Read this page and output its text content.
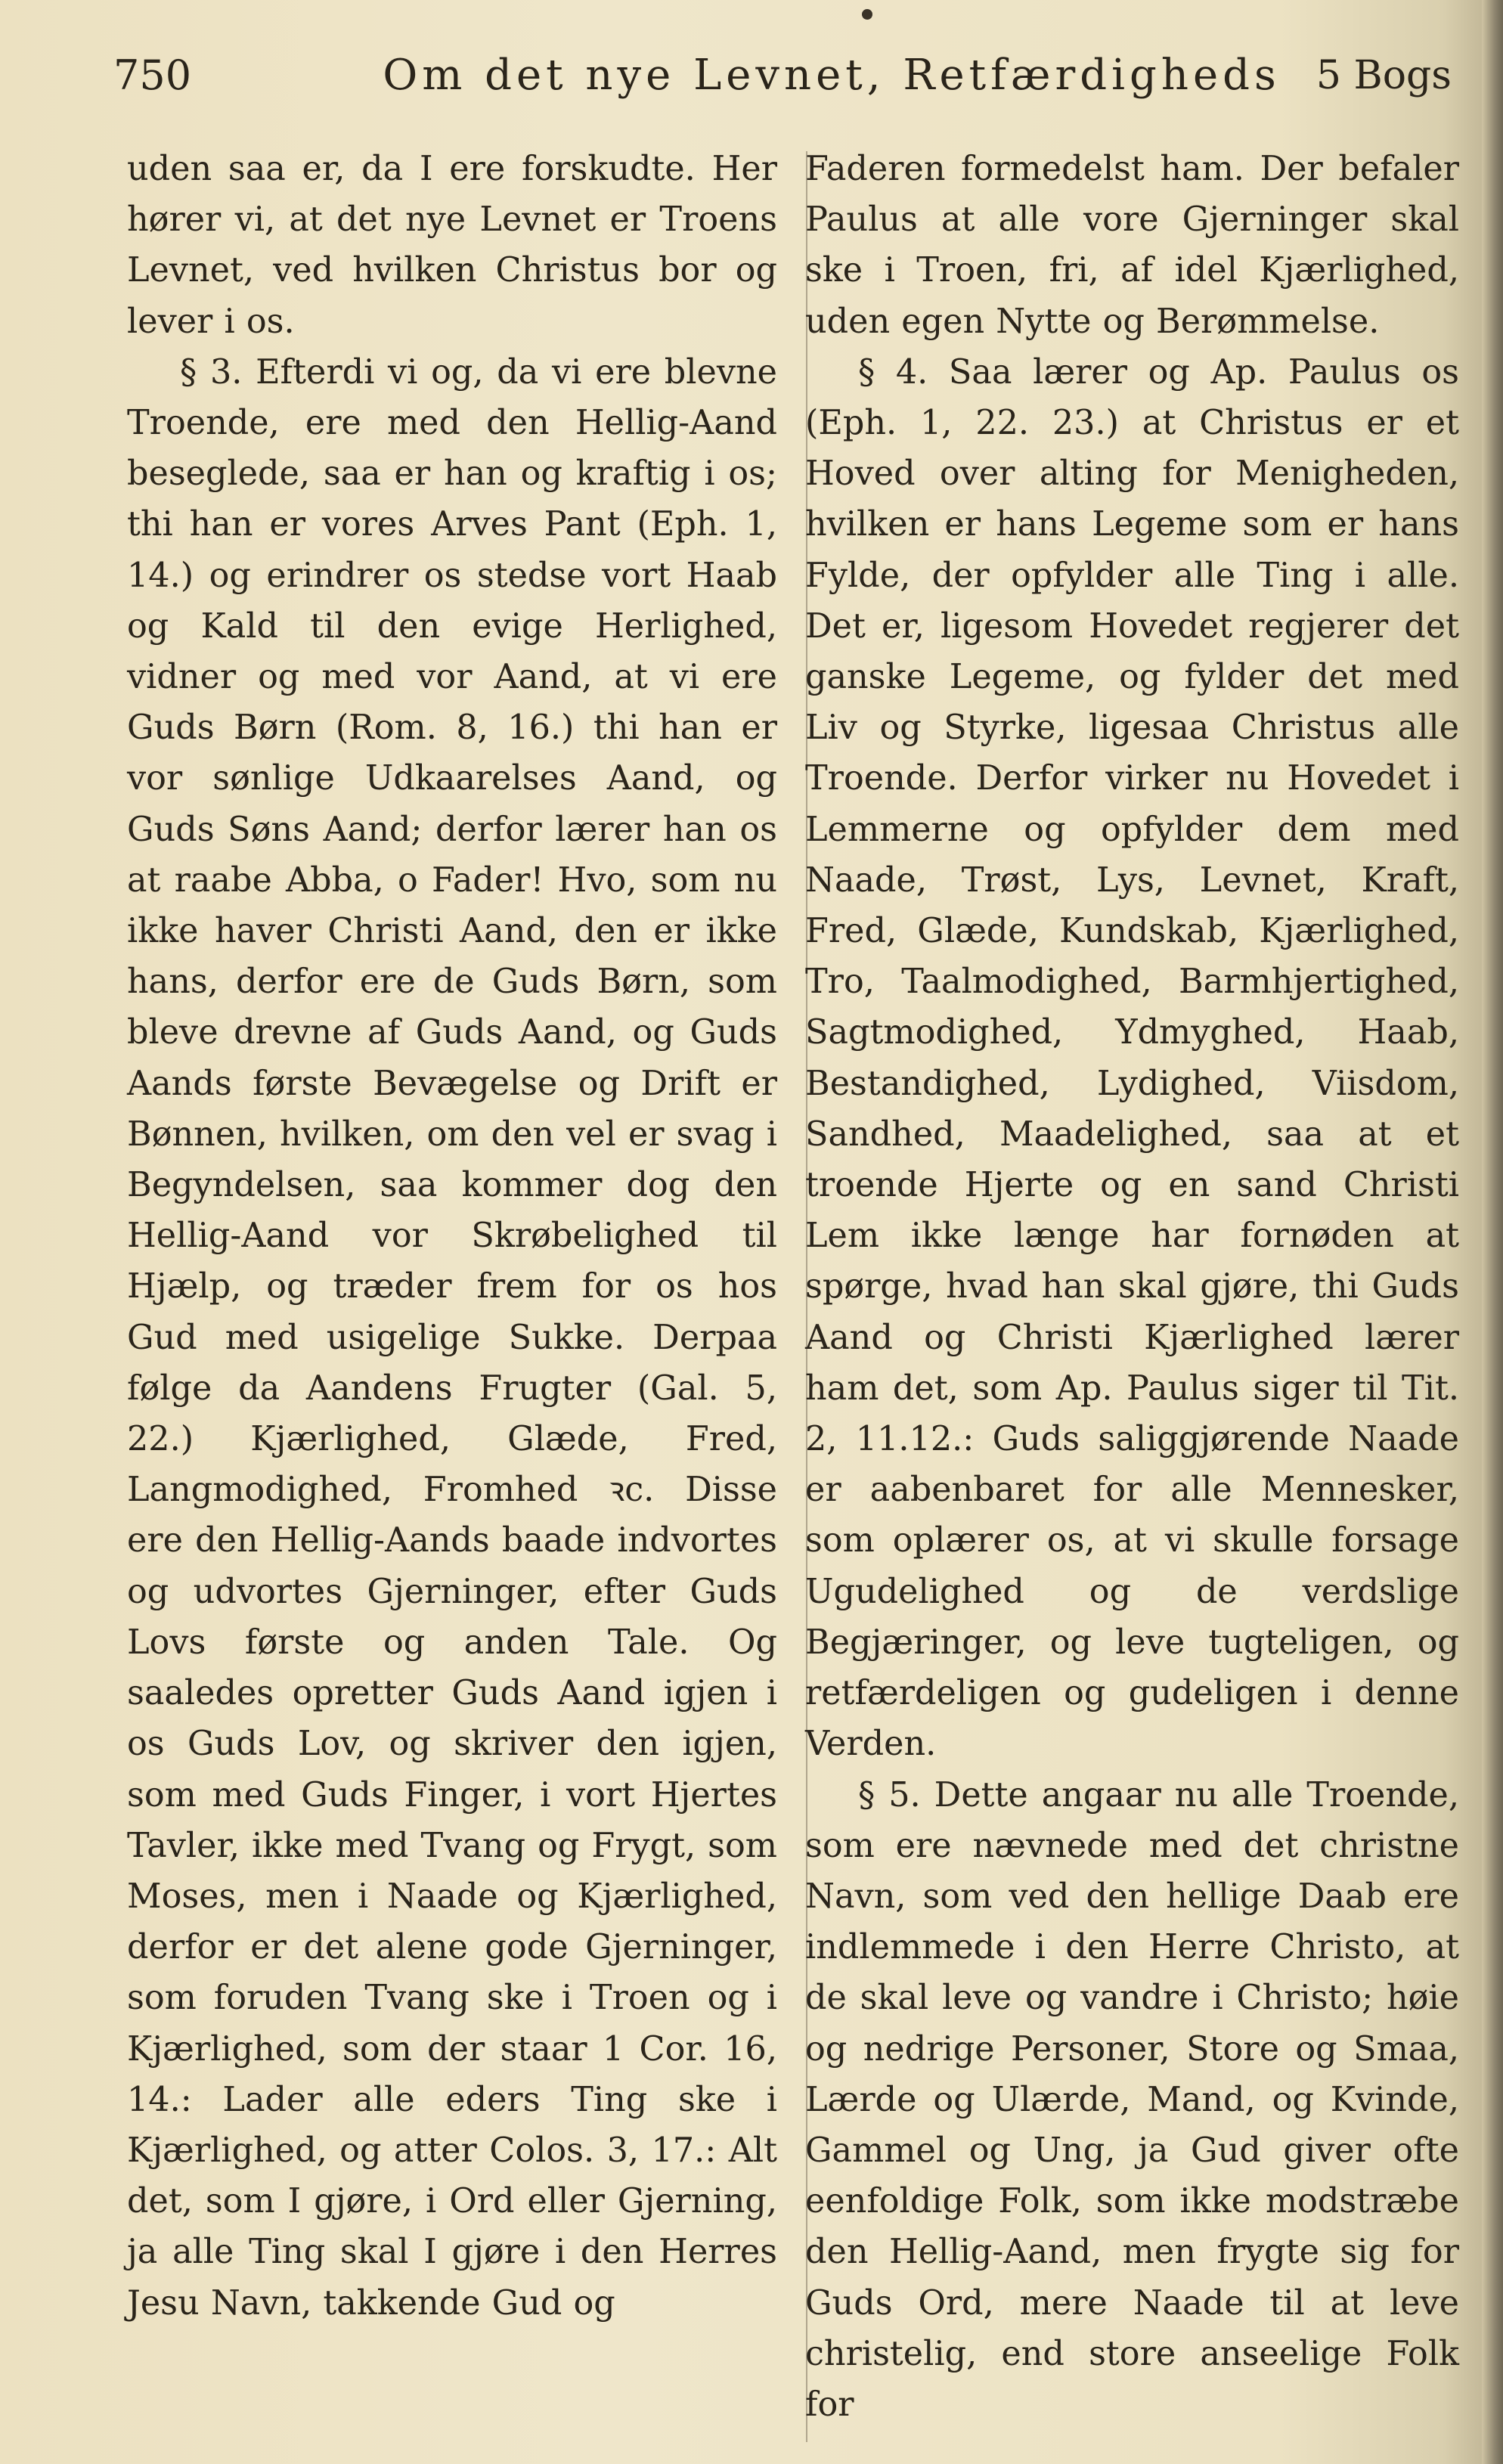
750	Om det nye Levnet, Retfærdigheds 5 Bogs

uden saa er, da I ere forskudte. Her hører vi, at det nye Levnet er Troens Levnet, ved hvilken Christus bor og lever i os.

§ 3. Efterdi vi og, da vi ere blevne Troende, ere med den Hellig-Aand beseglede, saa er han og kraftig i os; thi han er vores Arves Pant (Eph. 1, 14.) og erindrer os stedse vort Haab og Kald til den evige Herlighed, vidner og med vor Aand, at vi ere Guds Børn (Rom. 8, 16.) thi han er vor sønlige Udkaarelses Aand, og Guds Søns Aand; derfor lærer han os at raabe Abba, o Fader! Hvo, som nu ikke haver Christi Aand, den er ikke hans, derfor ere de Guds Børn, som bleve drevne af Guds Aand, og Guds Aands første Bevægelse og Drift er Bønnen, hvilken, om den vel er svag i Begyndelsen, saa kommer dog den Hellig-Aand vor Skrøbelighed til Hjælp, og træder frem for os hos Gud med usigelige Sukke. Derpaa følge da Aandens Frugter (Gal. 5, 22.) Kjærlighed, Glæde, Fred, Langmodighed, Fromhed ꝛc. Disse ere den Hellig-Aands baade indvortes og udvortes Gjerninger, efter Guds Lovs første og anden Tale. Og saaledes opretter Guds Aand igjen i os Guds Lov, og skriver den igjen, som med Guds Finger, i vort Hjertes Tavler, ikke med Tvang og Frygt, som Moses, men i Naade og Kjærlighed, derfor er det alene gode Gjerninger, som foruden Tvang ske i Troen og i Kjærlighed, som der staar 1 Cor. 16, 14.: Lader alle eders Ting ske i Kjærlighed, og atter Colos. 3, 17.: Alt det, som I gjøre, i Ord eller Gjerning, ja alle Ting skal I gjøre i den Herres Jesu Navn, takkende Gud og

Faderen formedelst ham. Der befaler Paulus at alle vore Gjerninger skal ske i Troen, fri, af idel Kjærlighed, uden egen Nytte og Berømmelse.

§ 4. Saa lærer og Ap. Paulus os (Eph. 1, 22. 23.) at Christus er et Hoved over alting for Menigheden, hvilken er hans Legeme som er hans Fylde, der opfylder alle Ting i alle. Det er, ligesom Hovedet regjerer det ganske Legeme, og fylder det med Liv og Styrke, ligesaa Christus alle Troende. Derfor virker nu Hovedet i Lemmerne og opfylder dem med Naade, Trøst, Lys, Levnet, Kraft, Fred, Glæde, Kundskab, Kjærlighed, Tro, Taalmodighed, Barmhjertighed, Sagtmodighed, Ydmyghed, Haab, Bestandighed, Lydighed, Viisdom, Sandhed, Maadelighed, saa at et troende Hjerte og en sand Christi Lem ikke længe har fornøden at spørge, hvad han skal gjøre, thi Guds Aand og Christi Kjærlighed lærer ham det, som Ap. Paulus siger til Tit. 2, 11.12.: Guds saliggjørende Naade er aabenbaret for alle Mennesker, som oplærer os, at vi skulle forsage Ugudelighed og de verdslige Begjæringer, og leve tugteligen, og retfærdeligen og gudeligen i denne Verden.

§ 5. Dette angaar nu alle Troende, som ere nævnede med det christne Navn, som ved den hellige Daab ere indlemmede i den Herre Christo, at de skal leve og vandre i Christo; høie og nedrige Personer, Store og Smaa, Lærde og Ulærde, Mand, og Kvinde, Gammel og Ung, ja Gud giver ofte eenfoldige Folk, som ikke modstræbe den Hellig-Aand, men frygte sig for Guds Ord, mere Naade til at leve christelig, end store anseelige Folk for
